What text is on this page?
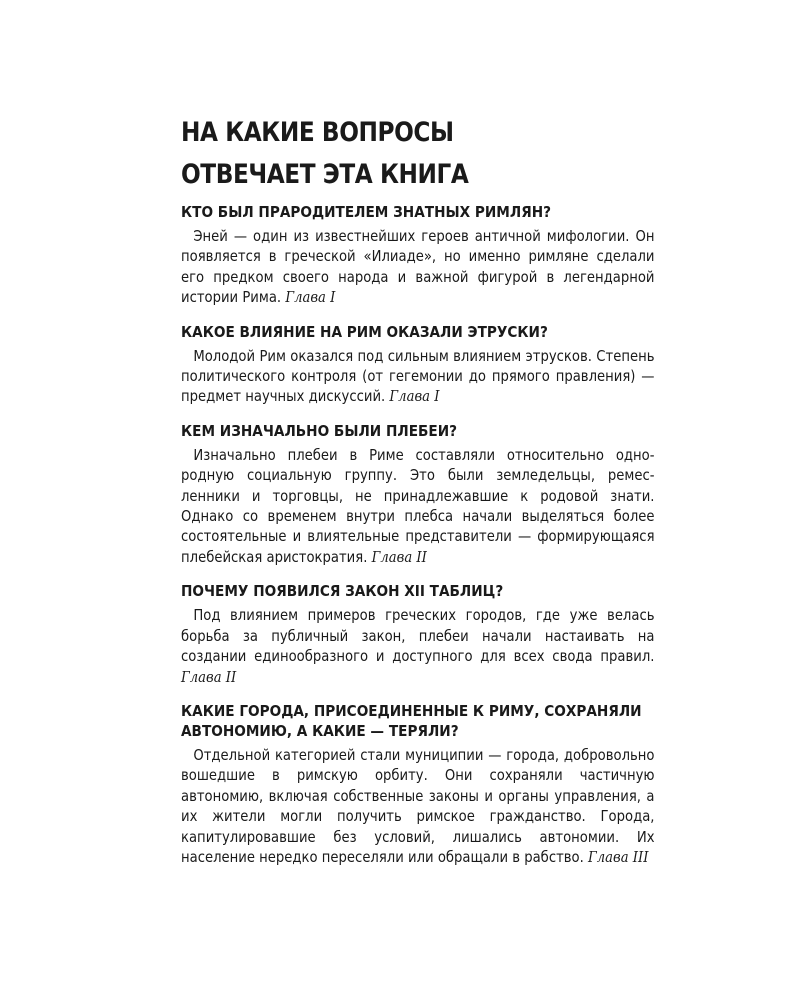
НА КАКИЕ ВОПРОСЫ
ОТВЕЧАЕТ ЭТА КНИГА
КТО БЫЛ ПРАРОДИТЕЛЕМ ЗНАТНЫХ РИМЛЯН?

Эней — один из известнейших героев античной мифологии. Он появляется в греческой «Илиаде», но именно римляне сделали его предком своего народа и важной фигурой в легендарной истории Рима. Глава I

КАКОЕ ВЛИЯНИЕ НА РИМ ОКАЗАЛИ ЭТРУСКИ?

Молодой Рим оказался под сильным влиянием этрусков. Степень политического контроля (от гегемонии до прямого правления) — предмет научных дискуссий. Глава I

КЕМ ИЗНАЧАЛЬНО БЫЛИ ПЛЕБЕИ?

Изначально плебеи в Риме составляли относительно однородную социальную группу. Это были земледельцы, ремесленники и торговцы, не принадлежавшие к родовой знати. Однако со временем внутри плебса начали выделяться более состоятельные и влиятельные представители — формирующаяся плебейская аристократия. Глава II

ПОЧЕМУ ПОЯВИЛСЯ ЗАКОН XII ТАБЛИЦ?

Под влиянием примеров греческих городов, где уже велась борьба за публичный закон, плебеи начали настаивать на создании единообразного и доступного для всех свода правил. Глава II

КАКИЕ ГОРОДА, ПРИСОЕДИНЕННЫЕ К РИМУ, СОХРАНЯЛИ АВТОНОМИЮ, А КАКИЕ — ТЕРЯЛИ?

Отдельной категорией стали муниципии — города, добровольно вошедшие в римскую орбиту. Они сохраняли частичную автономию, включая собственные законы и органы управления, а их жители могли получить римское гражданство. Города, капитулировавшие без условий, лишались автономии. Их население нередко переселяли или обращали в рабство. Глава III
